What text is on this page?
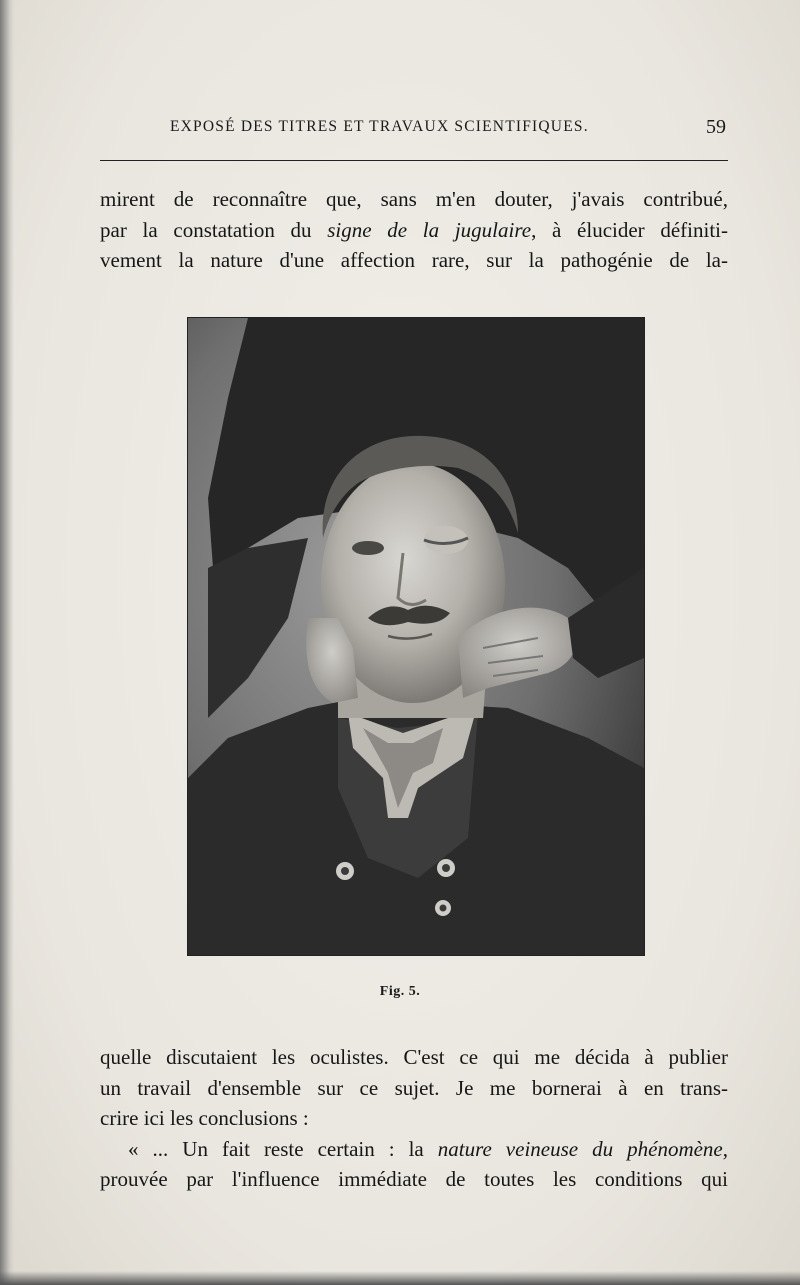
EXPOSÉ DES TITRES ET TRAVAUX SCIENTIFIQUES.	59
mirent de reconnaître que, sans m'en douter, j'avais contribué,
par la constatation du signe de la jugulaire, à élucider définiti-
vement la nature d'une affection rare, sur la pathogénie de la-
Fig. 5.
quelle discutaient les oculistes. C'est ce qui me décida à publier
un travail d'ensemble sur ce sujet. Je me bornerai à en trans-
crire ici les conclusions :
« ... Un fait reste certain : la nature veineuse du phénomène,
prouvée par l'influence immédiate de toutes les conditions qui
